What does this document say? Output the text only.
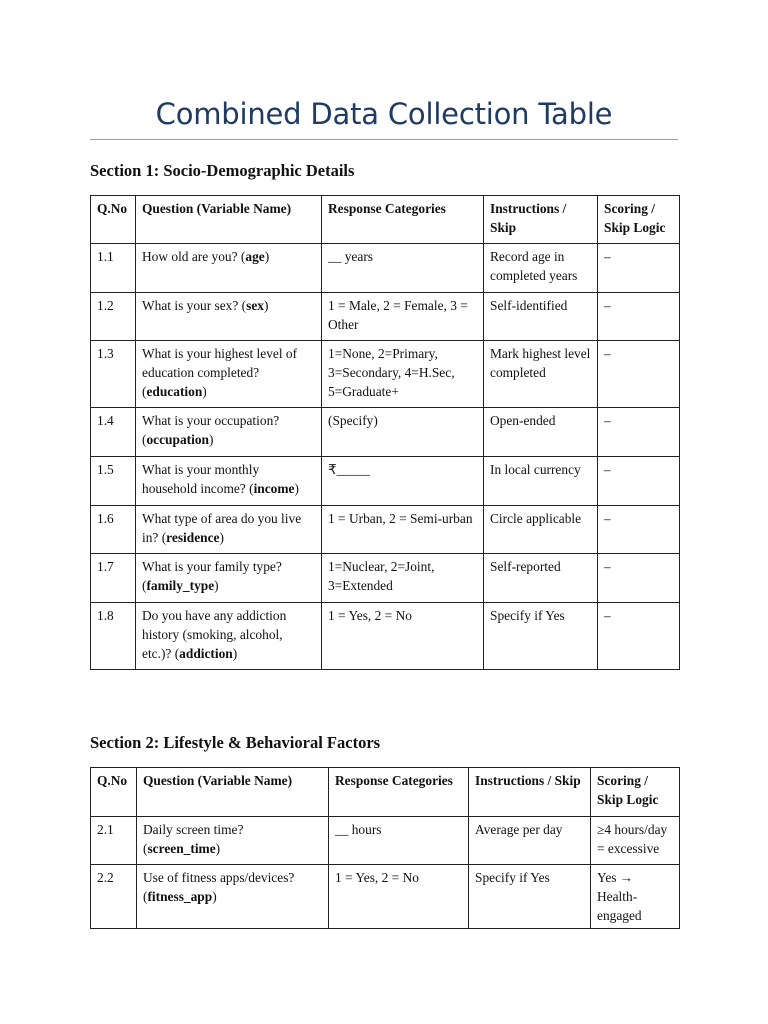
Combined Data Collection Table
Section 1: Socio-Demographic Details
Q.No	Question (Variable Name)	Response Categories	Instructions / Skip	Scoring / Skip Logic
1.1	How old are you? (age)	__ years	Record age in completed years	–
1.2	What is your sex? (sex)	1 = Male, 2 = Female, 3 = Other	Self-identified	–
1.3	What is your highest level of education completed? (education)	1=None, 2=Primary, 3=Secondary, 4=H.Sec, 5=Graduate+	Mark highest level completed	–
1.4	What is your occupation? (occupation)	(Specify)	Open-ended	–
1.5	What is your monthly household income? (income)	₹_____	In local currency	–
1.6	What type of area do you live in? (residence)	1 = Urban, 2 = Semi-urban	Circle applicable	–
1.7	What is your family type? (family_type)	1=Nuclear, 2=Joint, 3=Extended	Self-reported	–
1.8	Do you have any addiction history (smoking, alcohol, etc.)? (addiction)	1 = Yes, 2 = No	Specify if Yes	–
Section 2: Lifestyle & Behavioral Factors
Q.No	Question (Variable Name)	Response Categories	Instructions / Skip	Scoring / Skip Logic
2.1	Daily screen time? (screen_time)	__ hours	Average per day	≥4 hours/day = excessive
2.2	Use of fitness apps/devices? (fitness_app)	1 = Yes, 2 = No	Specify if Yes	Yes → Health-engaged
